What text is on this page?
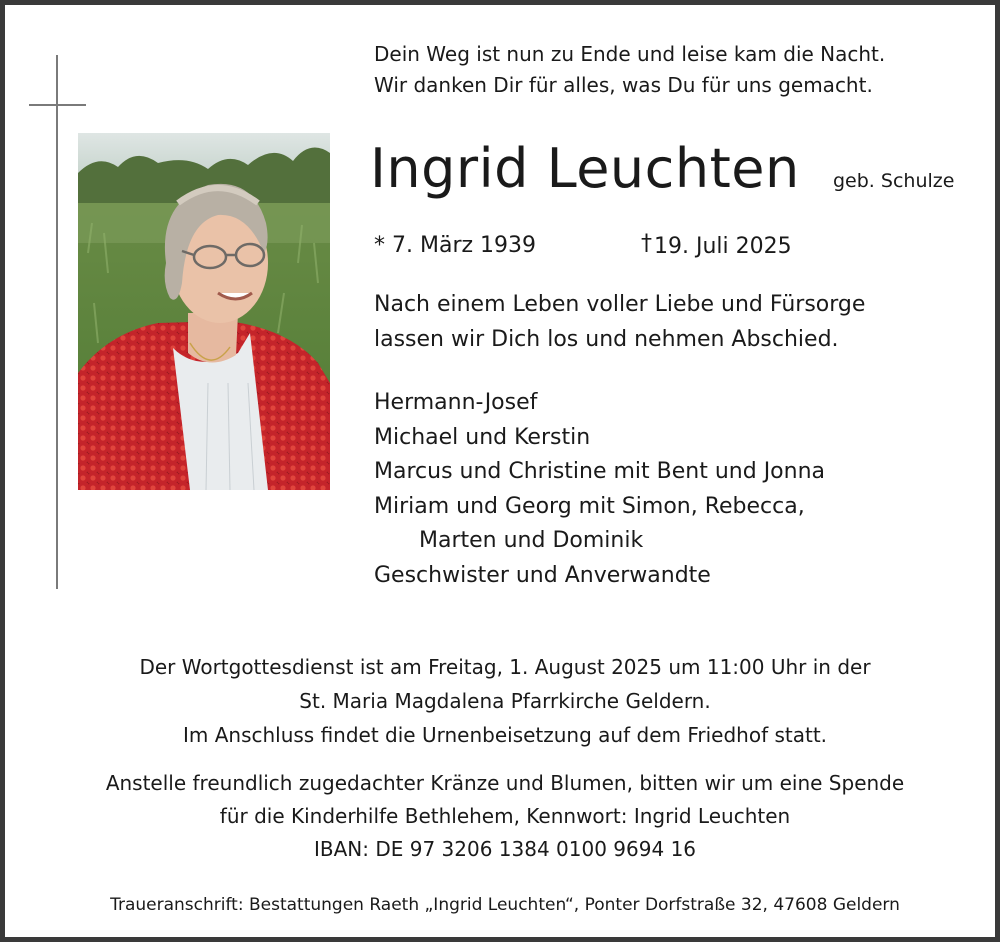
Dein Weg ist nun zu Ende und leise kam die Nacht.
Wir danken Dir für alles, was Du für uns gemacht.
Ingrid Leuchten geb. Schulze
* 7. März 1939	†19. Juli 2025
Nach einem Leben voller Liebe und Fürsorge
lassen wir Dich los und nehmen Abschied.
Hermann-Josef
Michael und Kerstin
Marcus und Christine mit Bent und Jonna
Miriam und Georg mit Simon, Rebecca,
Marten und Dominik
Geschwister und Anverwandte
Der Wortgottesdienst ist am Freitag, 1. August 2025 um 11:00 Uhr in der
St. Maria Magdalena Pfarrkirche Geldern.
Im Anschluss findet die Urnenbeisetzung auf dem Friedhof statt.
Anstelle freundlich zugedachter Kränze und Blumen, bitten wir um eine Spende
für die Kinderhilfe Bethlehem, Kennwort: Ingrid Leuchten
IBAN: DE 97 3206 1384 0100 9694 16
Traueranschrift: Bestattungen Raeth „Ingrid Leuchten“, Ponter Dorfstraße 32, 47608 Geldern
